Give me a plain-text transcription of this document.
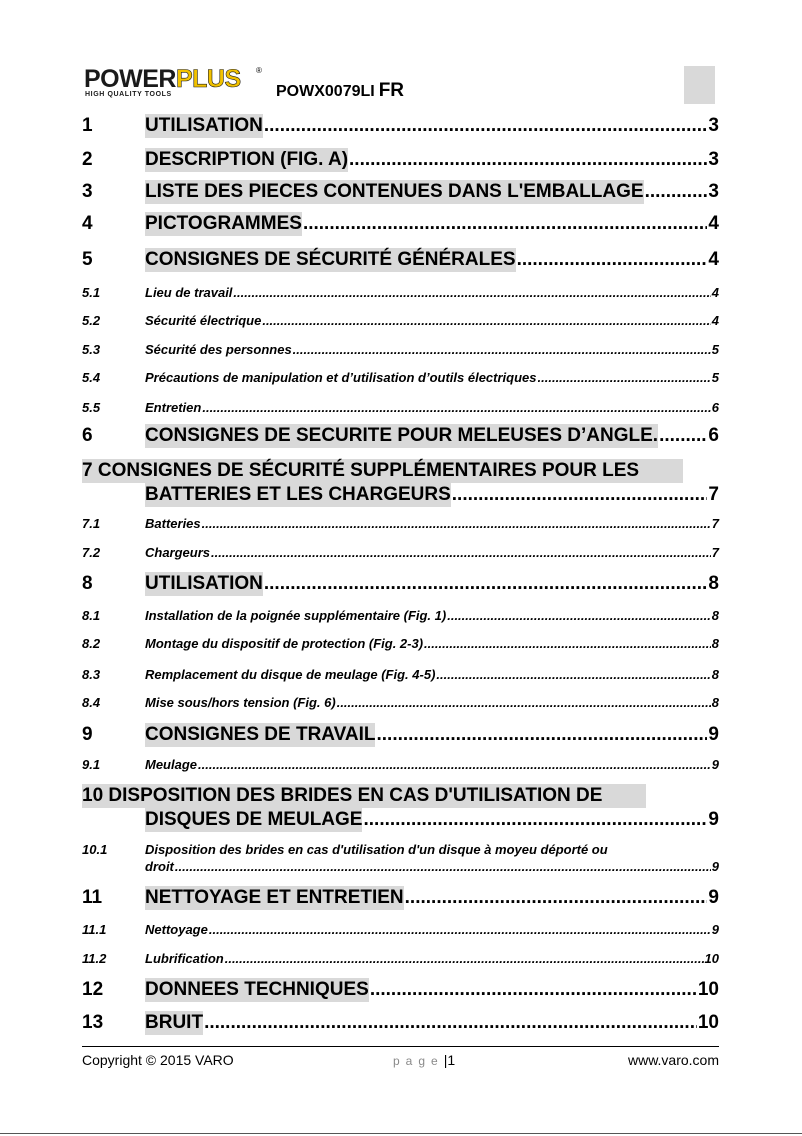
POWERPLUS ®
HIGH QUALITY TOOLS	POWX0079LI FR
1	UTILISATION .....	3
2	DESCRIPTION (FIG. A) .....	3
3	LISTE DES PIECES CONTENUES DANS L'EMBALLAGE .....	3
4	PICTOGRAMMES .....	4
5	CONSIGNES DE SÉCURITÉ GÉNÉRALES .....	4
5.1	Lieu de travail .....	4
5.2	Sécurité électrique .....	4
5.3	Sécurité des personnes .....	5
5.4	Précautions de manipulation et d’utilisation d’outils électriques .....	5
5.5	Entretien .....	6
6	CONSIGNES DE SECURITE POUR MELEUSES D’ANGLE. .....	6
7 CONSIGNES DE SÉCURITÉ SUPPLÉMENTAIRES POUR LES
BATTERIES ET LES CHARGEURS .....	7
7.1	Batteries .....	7
7.2	Chargeurs .....	7
8	UTILISATION .....	8
8.1	Installation de la poignée supplémentaire (Fig. 1) .....	8
8.2	Montage du dispositif de protection (Fig. 2-3) .....	8
8.3	Remplacement du disque de meulage (Fig. 4-5) .....	8
8.4	Mise sous/hors tension (Fig. 6) .....	8
9	CONSIGNES DE TRAVAIL .....	9
9.1	Meulage .....	9
10 DISPOSITION DES BRIDES EN CAS D'UTILISATION DE
DISQUES DE MEULAGE .....	9
10.1	Disposition des brides en cas d'utilisation d'un disque à moyeu déporté ou
droit .....	9
11 NETTOYAGE ET ENTRETIEN .....	9
11.1	Nettoyage .....	9
11.2	Lubrification .....	10
12 DONNEES TECHNIQUES .....	10
13 BRUIT .....	10
Copyright © 2015 VARO	page|1	www.varo.com
